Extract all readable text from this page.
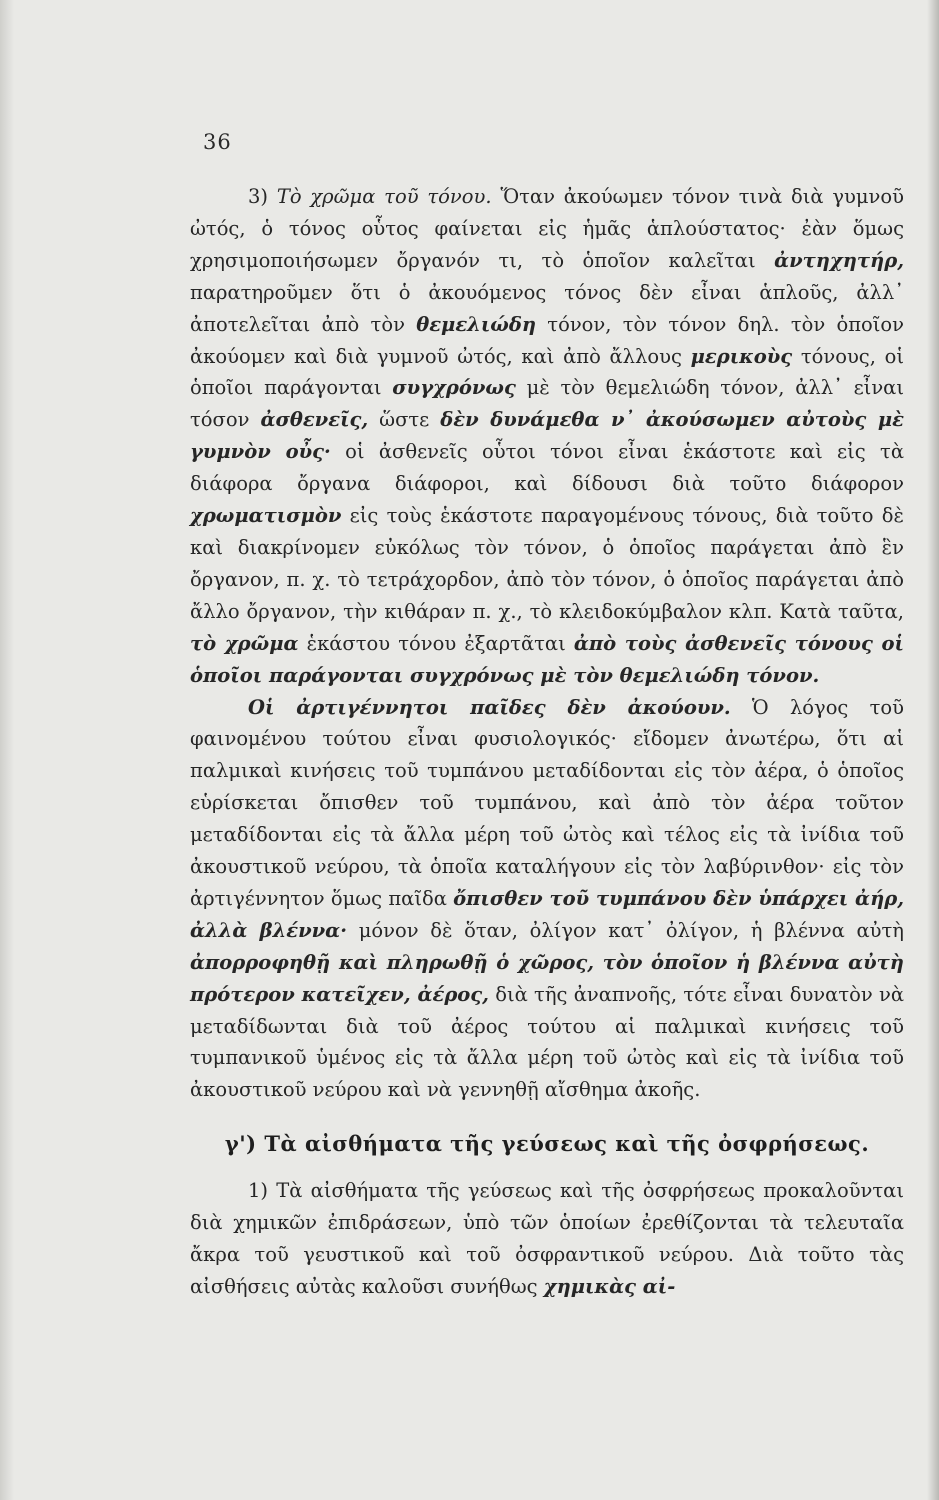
36

3) Τὸ χρῶμα τοῦ τόνου. Ὅταν ἀκούωμεν τόνον τινὰ διὰ γυμνοῦ ὠτός, ὁ τόνος οὗτος φαίνεται εἰς ἡμᾶς ἁπλούστατος· ἐὰν ὅμως χρησιμοποιήσωμεν ὄργανόν τι, τὸ ὁποῖον καλεῖται ἀντηχητήρ, παρατηροῦμεν ὅτι ὁ ἀκουόμενος τόνος δὲν εἶναι ἁπλοῦς, ἀλλ᾽ ἀποτελεῖται ἀπὸ τὸν θεμελιώδη τόνον, τὸν τόνον δηλ. τὸν ὁποῖον ἀκούομεν καὶ διὰ γυμνοῦ ὠτός, καὶ ἀπὸ ἄλλους μερικοὺς τόνους, οἱ ὁποῖοι παράγονται συγχρόνως μὲ τὸν θεμελιώδη τόνον, ἀλλ᾽ εἶναι τόσον ἀσθενεῖς, ὥστε δὲν δυνάμεθα ν᾽ ἀκούσωμεν αὐτοὺς μὲ γυμνὸν οὖς· οἱ ἀσθενεῖς οὗτοι τόνοι εἶναι ἑκάστοτε καὶ εἰς τὰ διάφορα ὄργανα διάφοροι, καὶ δίδουσι διὰ τοῦτο διάφορον χρωματισμὸν εἰς τοὺς ἑκάστοτε παραγομένους τόνους, διὰ τοῦτο δὲ καὶ διακρίνομεν εὐκόλως τὸν τόνον, ὁ ὁποῖος παράγεται ἀπὸ ἓν ὄργανον, π. χ. τὸ τετράχορδον, ἀπὸ τὸν τόνον, ὁ ὁποῖος παράγεται ἀπὸ ἄλλο ὄργανον, τὴν κιθάραν π. χ., τὸ κλειδοκύμβαλον κλπ. Κατὰ ταῦτα, τὸ χρῶμα ἑκάστου τόνου ἐξαρτᾶται ἀπὸ τοὺς ἀσθενεῖς τόνους οἱ ὁποῖοι παράγονται συγχρόνως μὲ τὸν θεμελιώδη τόνον.

Οἱ ἀρτιγέννητοι παῖδες δὲν ἀκούουν. Ὁ λόγος τοῦ φαινομένου τούτου εἶναι φυσιολογικός· εἴδομεν ἀνωτέρω, ὅτι αἱ παλμικαὶ κινήσεις τοῦ τυμπάνου μεταδίδονται εἰς τὸν ἀέρα, ὁ ὁποῖος εὑρίσκεται ὄπισθεν τοῦ τυμπάνου, καὶ ἀπὸ τὸν ἀέρα τοῦτον μεταδίδονται εἰς τὰ ἄλλα μέρη τοῦ ὠτὸς καὶ τέλος εἰς τὰ ἰνίδια τοῦ ἀκουστικοῦ νεύρου, τὰ ὁποῖα καταλήγουν εἰς τὸν λαβύρινθον· εἰς τὸν ἀρτιγέννητον ὅμως παῖδα ὄπισθεν τοῦ τυμπάνου δὲν ὑπάρχει ἀήρ, ἀλλὰ βλέννα· μόνον δὲ ὅταν, ὀλίγον κατ᾽ ὀλίγον, ἡ βλέννα αὐτὴ ἀπορροφηθῇ καὶ πληρωθῇ ὁ χῶρος, τὸν ὁποῖον ἡ βλέννα αὐτὴ πρότερον κατεῖχεν, ἀέρος, διὰ τῆς ἀναπνοῆς, τότε εἶναι δυνατὸν νὰ μεταδίδωνται διὰ τοῦ ἀέρος τούτου αἱ παλμικαὶ κινήσεις τοῦ τυμπανικοῦ ὑμένος εἰς τὰ ἄλλα μέρη τοῦ ὠτὸς καὶ εἰς τὰ ἰνίδια τοῦ ἀκουστικοῦ νεύρου καὶ νὰ γεννηθῇ αἴσθημα ἀκοῆς.

γ') Τὰ αἰσθήματα τῆς γεύσεως καὶ τῆς ὀσφρήσεως.

1) Τὰ αἰσθήματα τῆς γεύσεως καὶ τῆς ὀσφρήσεως προκαλοῦνται διὰ χημικῶν ἐπιδράσεων, ὑπὸ τῶν ὁποίων ἐρεθίζονται τὰ τελευταῖα ἄκρα τοῦ γευστικοῦ καὶ τοῦ ὀσφραντικοῦ νεύρου. Διὰ τοῦτο τὰς αἰσθήσεις αὐτὰς καλοῦσι συνήθως χημικὰς αἰ-
